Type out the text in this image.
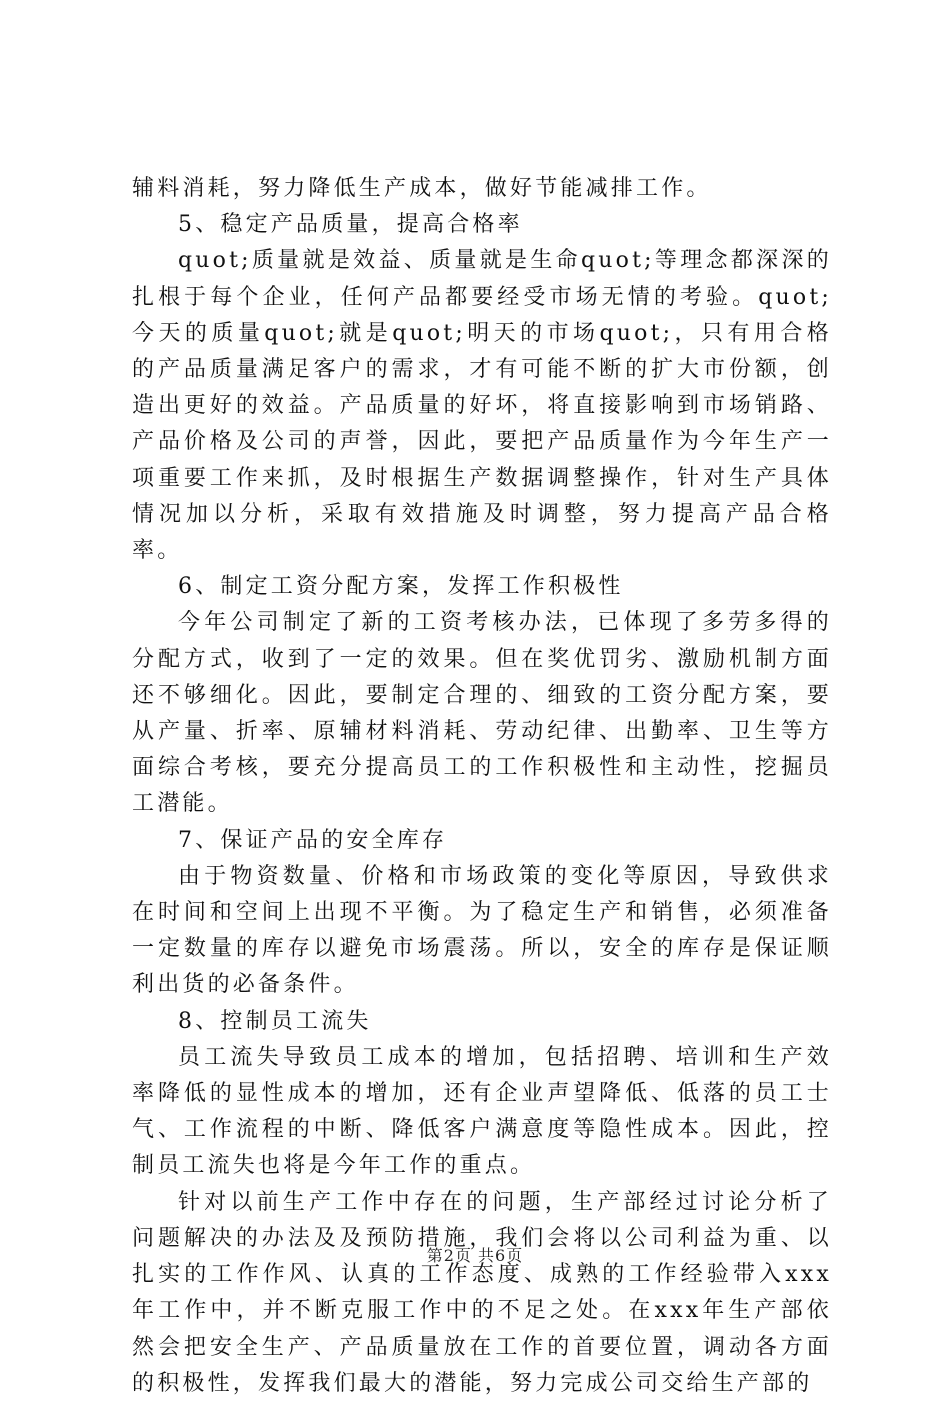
辅料消耗，努力降低生产成本，做好节能减排工作。

5、稳定产品质量，提高合格率

quot;质量就是效益、质量就是生命quot;等理念都深深的扎根于每个企业，任何产品都要经受市场无情的考验。quot;今天的质量quot;就是quot;明天的市场quot;，只有用合格的产品质量满足客户的需求，才有可能不断的扩大市份额，创造出更好的效益。产品质量的好坏，将直接影响到市场销路、产品价格及公司的声誉，因此，要把产品质量作为今年生产一项重要工作来抓，及时根据生产数据调整操作，针对生产具体情况加以分析，采取有效措施及时调整，努力提高产品合格率。

6、制定工资分配方案，发挥工作积极性

今年公司制定了新的工资考核办法，已体现了多劳多得的分配方式，收到了一定的效果。但在奖优罚劣、激励机制方面还不够细化。因此，要制定合理的、细致的工资分配方案，要从产量、折率、原辅材料消耗、劳动纪律、出勤率、卫生等方面综合考核，要充分提高员工的工作积极性和主动性，挖掘员工潜能。

7、保证产品的安全库存

由于物资数量、价格和市场政策的变化等原因，导致供求在时间和空间上出现不平衡。为了稳定生产和销售，必须准备一定数量的库存以避免市场震荡。所以，安全的库存是保证顺利出货的必备条件。

8、控制员工流失

员工流失导致员工成本的增加，包括招聘、培训和生产效率降低的显性成本的增加，还有企业声望降低、低落的员工士气、工作流程的中断、降低客户满意度等隐性成本。因此，控制员工流失也将是今年工作的重点。

针对以前生产工作中存在的问题，生产部经过讨论分析了问题解决的办法及及预防措施，我们会将以公司利益为重、以扎实的工作作风、认真的工作态度、成熟的工作经验带入xxx年工作中，并不断克服工作中的不足之处。在xxx年生产部依然会把安全生产、产品质量放在工作的首要位置，调动各方面的积极性，发挥我们最大的潜能，努力完成公司交给生产部的

第2页 共6页
